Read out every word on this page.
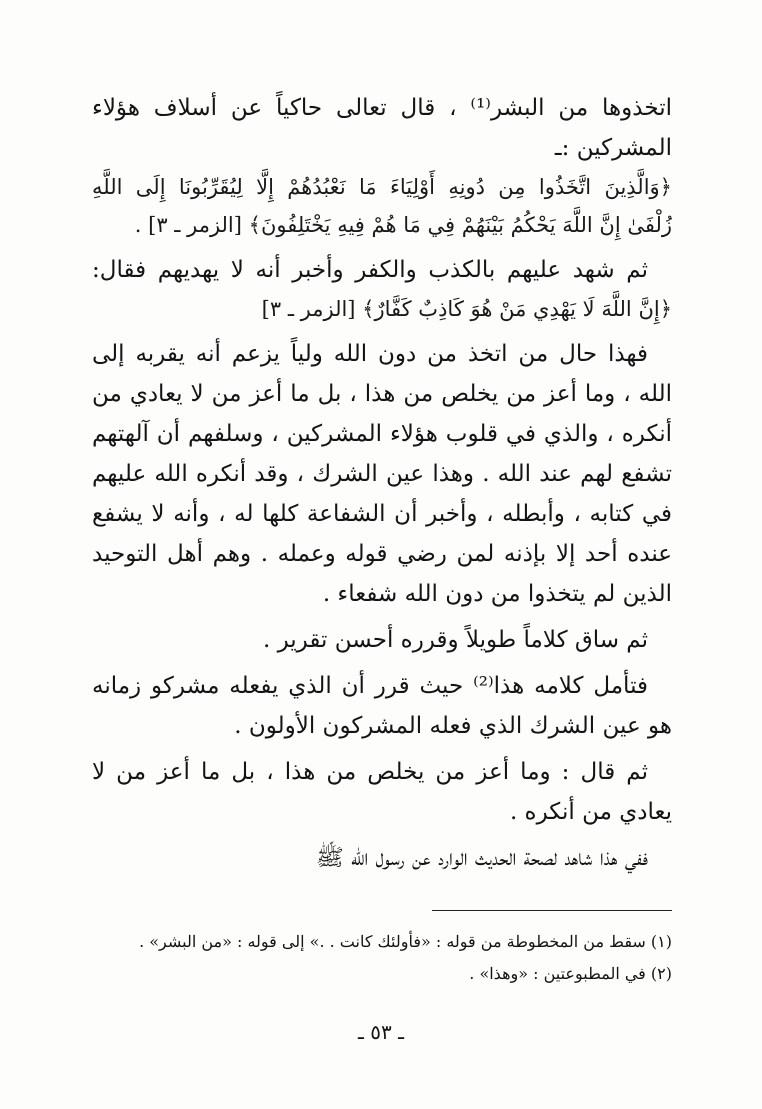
اتخذوها من البشر⁽¹⁾ ، قال تعالى حاكياً عن أسلاف هؤلاء

المشركين :ـ

﴿وَالَّذِينَ اتَّخَذُوا مِن دُونِهِ أَوْلِيَاءَ مَا نَعْبُدُهُمْ إِلَّا لِيُقَرِّبُونَا إِلَى اللَّهِ

زُلْفَىٰ إِنَّ اللَّهَ يَحْكُمُ بَيْنَهُمْ فِي مَا هُمْ فِيهِ يَخْتَلِفُونَ﴾ [الزمر ـ ٣] .

ثم شهد عليهم بالكذب والكفر وأخبر أنه لا يهديهم فقال:

﴿إِنَّ اللَّهَ لَا يَهْدِي مَنْ هُوَ كَاذِبٌ كَفَّارٌ﴾ [الزمر ـ ٣]

فهذا حال من اتخذ من دون الله ولياً يزعم أنه يقربه إلى

الله ، وما أعز من يخلص من هذا ، بل ما أعز من لا يعادي من

أنكره ، والذي في قلوب هؤلاء المشركين ، وسلفهم أن آلهتهم

تشفع لهم عند الله . وهذا عين الشرك ، وقد أنكره الله عليهم

في كتابه ، وأبطله ، وأخبر أن الشفاعة كلها له ، وأنه لا يشفع

عنده أحد إلا بإذنه لمن رضي قوله وعمله . وهم أهل التوحيد

الذين لم يتخذوا من دون الله شفعاء .

ثم ساق كلاماً طويلاً وقرره أحسن تقرير .

فتأمل كلامه هذا⁽²⁾ حيث قرر أن الذي يفعله مشركو زمانه

هو عين الشرك الذي فعله المشركون الأولون .

ثم قال : وما أعز من يخلص من هذا ، بل ما أعز من لا

يعادي من أنكره .

ففي هذا شاهد لصحة الحديث الوارد عن رسول الله ﷺ

(١) سقط من المخطوطة من قوله : «فأولئك كانت . .» إلى قوله : «من البشر» .

(٢) في المطبوعتين : «وهذا» .

ـ ٥٣ ـ
